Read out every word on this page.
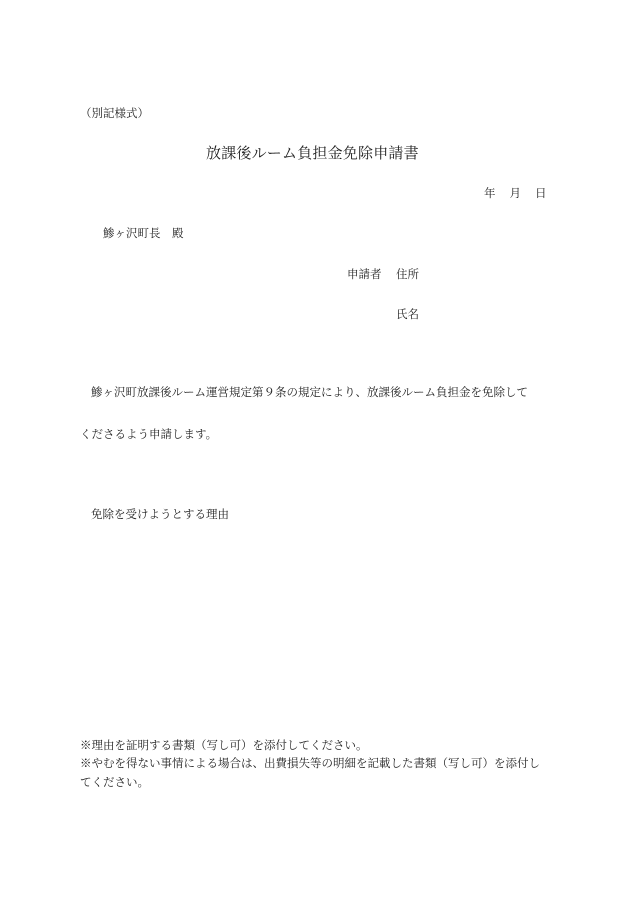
（別記様式）
放課後ルーム負担金免除申請書
年 月 日
鯵ヶ沢町長　殿
申請者 住所
氏名
鯵ヶ沢町放課後ルーム運営規定第９条の規定により、放課後ルーム負担金を免除して
くださるよう申請します。
免除を受けようとする理由
※理由を証明する書類（写し可）を添付してください。
※やむを得ない事情による場合は、出費損失等の明細を記載した書類（写し可）を添付し
てください。
